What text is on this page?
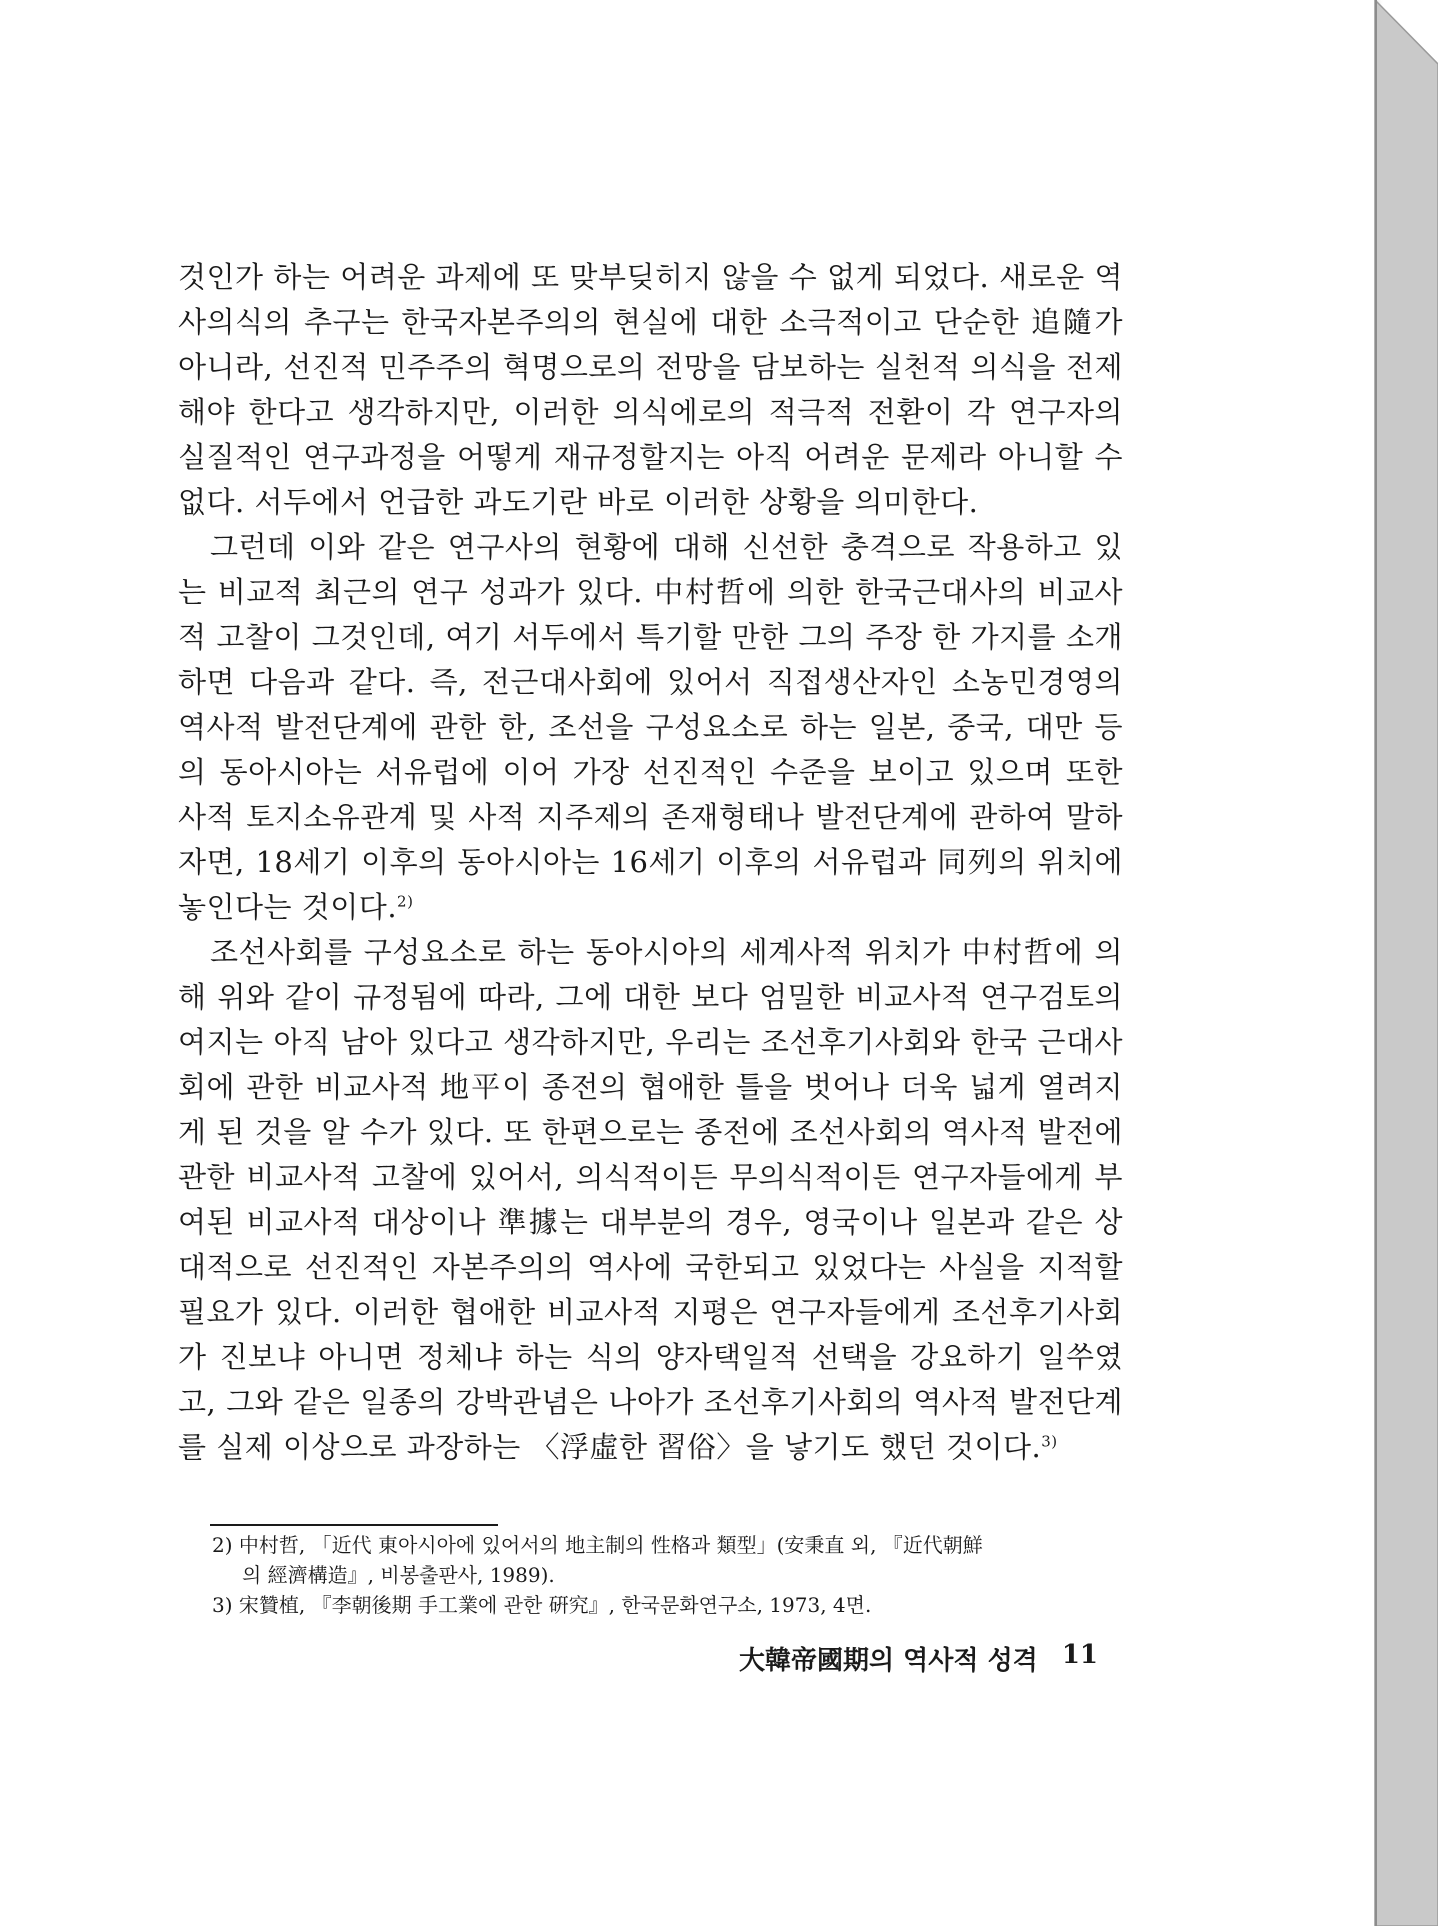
것인가 하는 어려운 과제에 또 맞부딪히지 않을 수 없게 되었다. 새로운 역사의식의 추구는 한국자본주의의 현실에 대한 소극적이고 단순한 追隨가 아니라, 선진적 민주주의 혁명으로의 전망을 담보하는 실천적 의식을 전제해야 한다고 생각하지만, 이러한 의식에로의 적극적 전환이 각 연구자의 실질적인 연구과정을 어떻게 재규정할지는 아직 어려운 문제라 아니할 수 없다. 서두에서 언급한 과도기란 바로 이러한 상황을 의미한다.

그런데 이와 같은 연구사의 현황에 대해 신선한 충격으로 작용하고 있는 비교적 최근의 연구 성과가 있다. 中村哲에 의한 한국근대사의 비교사적 고찰이 그것인데, 여기 서두에서 특기할 만한 그의 주장 한 가지를 소개하면 다음과 같다. 즉, 전근대사회에 있어서 직접생산자인 소농민경영의 역사적 발전단계에 관한 한, 조선을 구성요소로 하는 일본, 중국, 대만 등의 동아시아는 서유럽에 이어 가장 선진적인 수준을 보이고 있으며 또한 사적 토지소유관계 및 사적 지주제의 존재형태나 발전단계에 관하여 말하자면, 18세기 이후의 동아시아는 16세기 이후의 서유럽과 同列의 위치에 놓인다는 것이다.$^{2)}$

조선사회를 구성요소로 하는 동아시아의 세계사적 위치가 中村哲에 의해 위와 같이 규정됨에 따라, 그에 대한 보다 엄밀한 비교사적 연구검토의 여지는 아직 남아 있다고 생각하지만, 우리는 조선후기사회와 한국 근대사회에 관한 비교사적 地平이 종전의 협애한 틀을 벗어나 더욱 넓게 열려지게 된 것을 알 수가 있다. 또 한편으로는 종전에 조선사회의 역사적 발전에 관한 비교사적 고찰에 있어서, 의식적이든 무의식적이든 연구자들에게 부여된 비교사적 대상이나 準據는 대부분의 경우, 영국이나 일본과 같은 상대적으로 선진적인 자본주의의 역사에 국한되고 있었다는 사실을 지적할 필요가 있다. 이러한 협애한 비교사적 지평은 연구자들에게 조선후기사회가 진보냐 아니면 정체냐 하는 식의 양자택일적 선택을 강요하기 일쑤였고, 그와 같은 일종의 강박관념은 나아가 조선후기사회의 역사적 발전단계를 실제 이상으로 과장하는 〈浮虛한 習俗〉을 낳기도 했던 것이다.$^{3)}$

2) 中村哲, 「近代 東아시아에 있어서의 地主制의 性格과 類型」(安秉直 외, 『近代朝鮮

의 經濟構造』, 비봉출판사, 1989).

3) 宋贊植, 『李朝後期 手工業에 관한 硏究』, 한국문화연구소, 1973, 4면.

大韓帝國期의 역사적 성격 11
